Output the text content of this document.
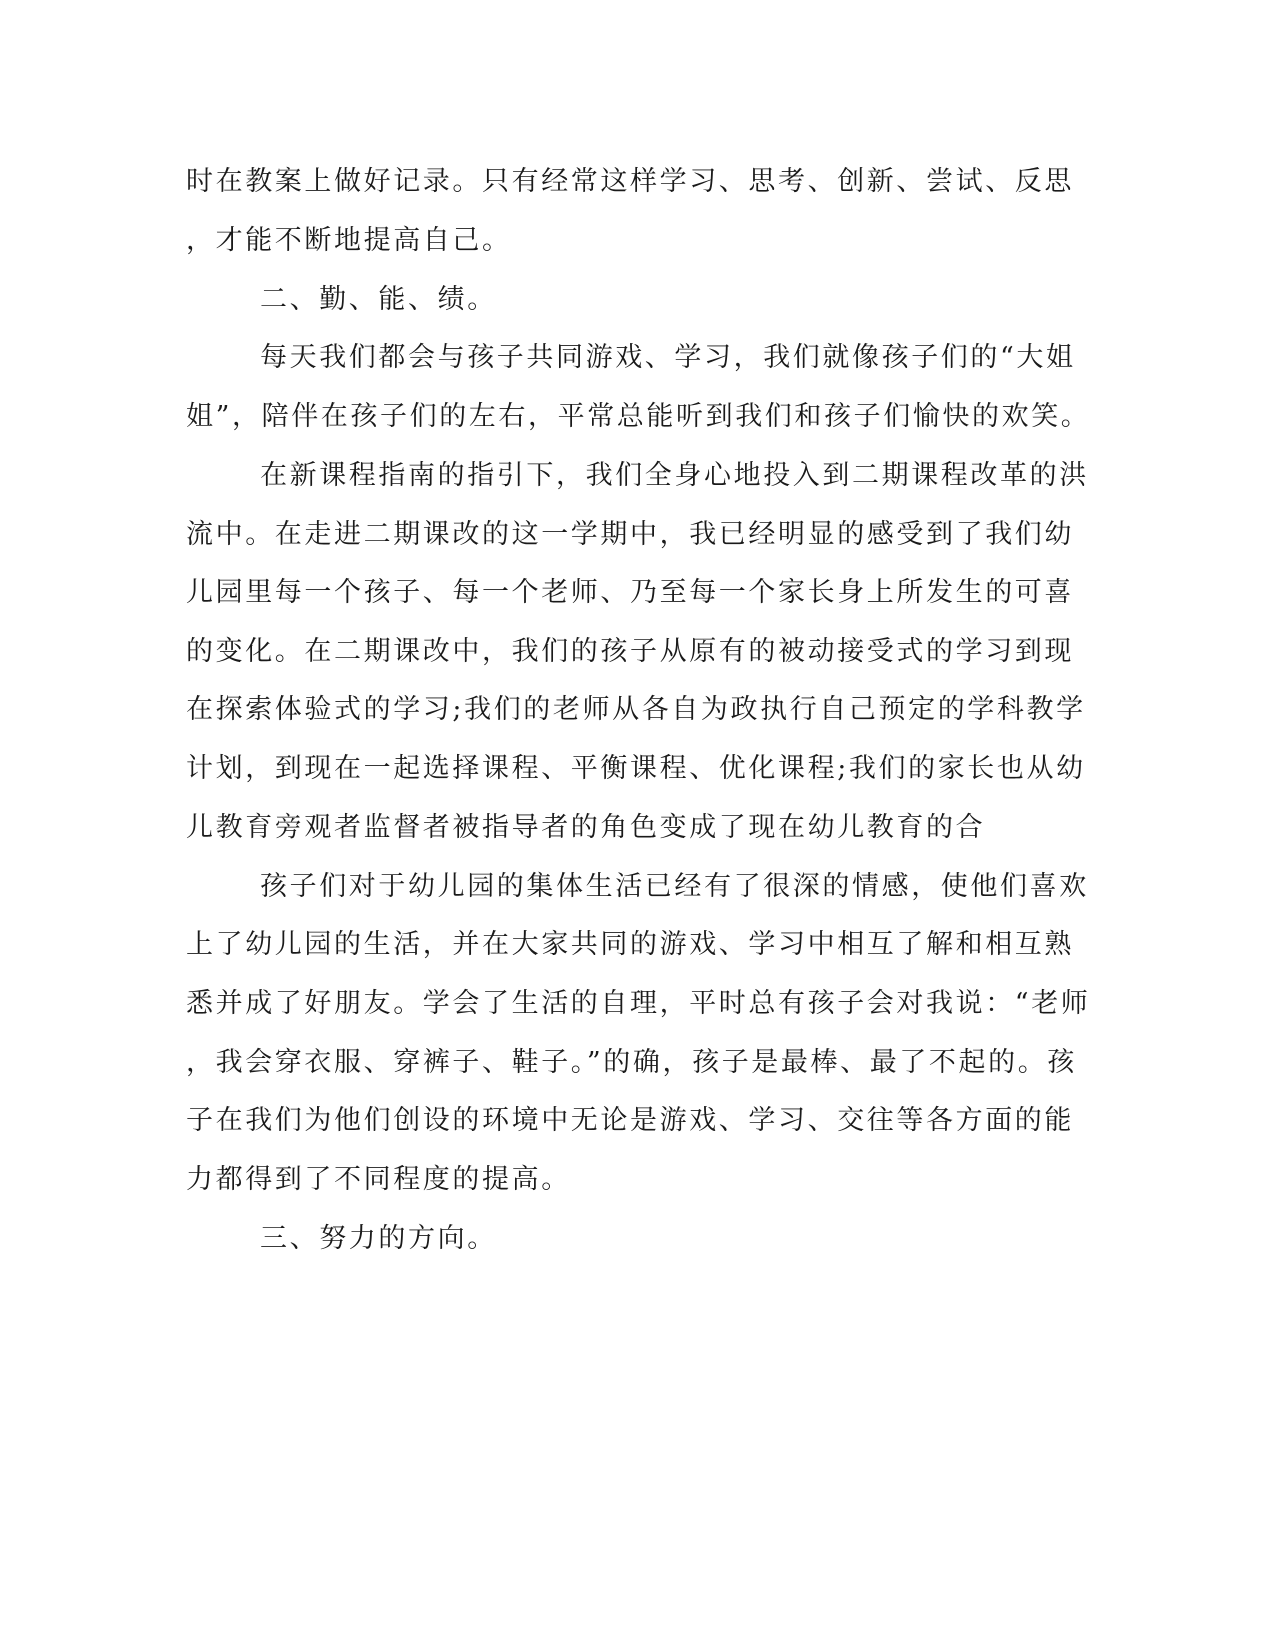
时在教案上做好记录。只有经常这样学习、思考、创新、尝试、反思
，才能不断地提高自己。
二、勤、能、绩。
每天我们都会与孩子共同游戏、学习，我们就像孩子们的“大姐
姐”，陪伴在孩子们的左右，平常总能听到我们和孩子们愉快的欢笑。
在新课程指南的指引下，我们全身心地投入到二期课程改革的洪
流中。在走进二期课改的这一学期中，我已经明显的感受到了我们幼
儿园里每一个孩子、每一个老师、乃至每一个家长身上所发生的可喜
的变化。在二期课改中，我们的孩子从原有的被动接受式的学习到现
在探索体验式的学习;我们的老师从各自为政执行自己预定的学科教学
计划，到现在一起选择课程、平衡课程、优化课程;我们的家长也从幼
儿教育旁观者监督者被指导者的角色变成了现在幼儿教育的合
孩子们对于幼儿园的集体生活已经有了很深的情感，使他们喜欢
上了幼儿园的生活，并在大家共同的游戏、学习中相互了解和相互熟
悉并成了好朋友。学会了生活的自理，平时总有孩子会对我说：“老师
，我会穿衣服、穿裤子、鞋子。”的确，孩子是最棒、最了不起的。孩
子在我们为他们创设的环境中无论是游戏、学习、交往等各方面的能
力都得到了不同程度的提高。
三、努力的方向。
